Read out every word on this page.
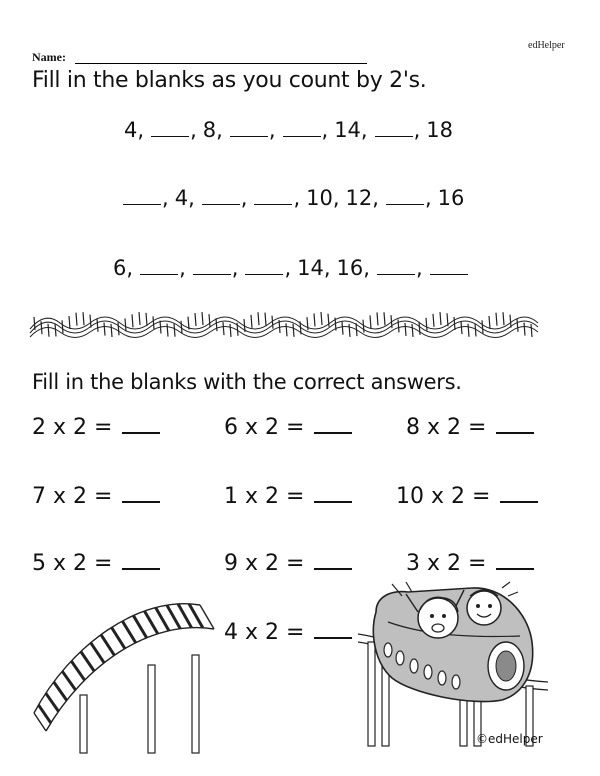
edHelper
Name:
Fill in the blanks as you count by 2's.
4 , , 8 , , , 14 , , 18
, 4 , , , 10 , 12 , , 16
6 , , , , 14 , 16 , ,
Fill in the blanks with the correct answers.
2 x 2 =	6 x 2 =	8 x 2 =
7 x 2 =	1 x 2 =	10 x 2 =
5 x 2 =	9 x 2 =	3 x 2 =
4 x 2 =
©edHelper
